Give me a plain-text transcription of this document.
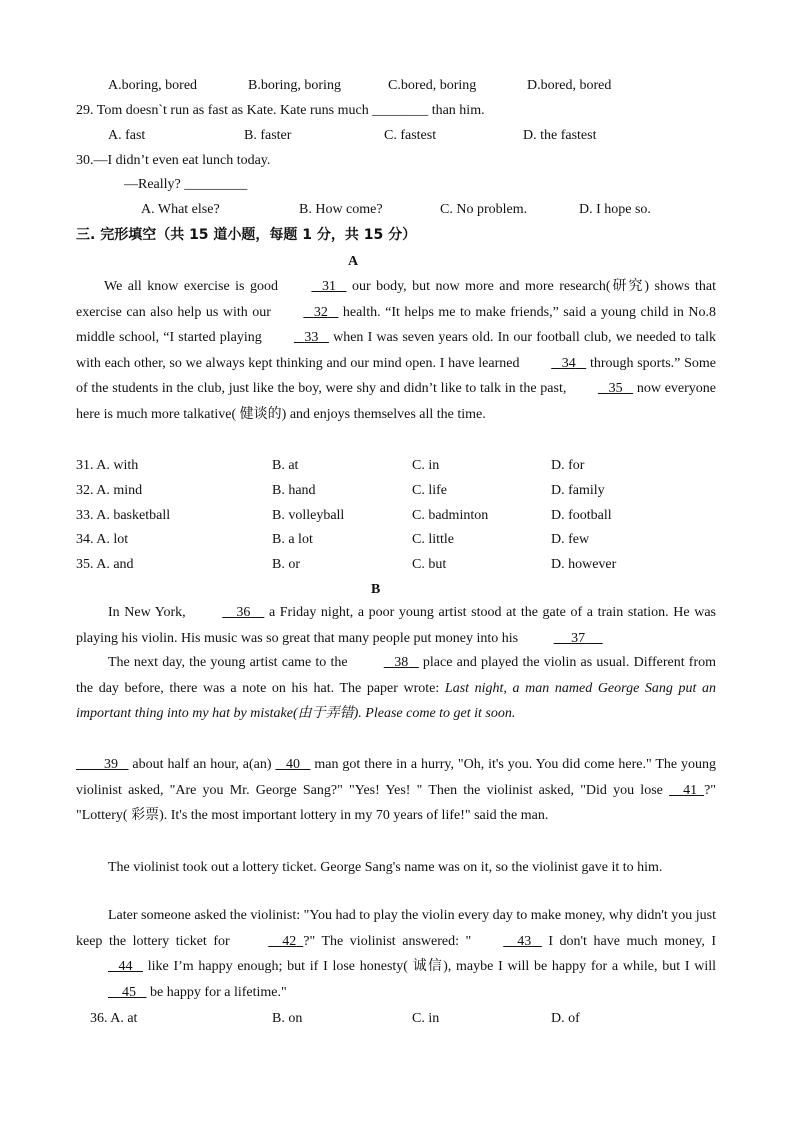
A.boring, bored	B.boring, boring	C.bored, boring	D.bored, bored
29. Tom doesn`t run as fast as Kate. Kate runs much ________ than him.
A. fast	B. faster	C. fastest	D. the fastest
30.—I didn’t even eat lunch today.
—Really? _________
A. What else?	B. How come?	C. No problem.	D. I hope so.
三. 完形填空（共 15 道小题，每题 1 分，共 15 分）
A
We all know exercise is good	31 our body, but now more and more research(研究) shows that exercise can also help us with our	32 health. “It helps me to make friends,” said a young child in No.8 middle school, “I started playing	33 when I was seven years old. In our football club, we needed to talk with each other, so we always kept thinking and our mind open. I have learned	34 through sports.” Some of the students in the club, just like the boy, were shy and didn’t like to talk in the past,	35 now everyone here is much more talkative( 健谈的) and enjoys themselves all the time.
31. A. with	B. at	C. in	D. for
32. A. mind	B. hand	C. life	D. family
33. A. basketball	B. volleyball	C. badminton	D. football
34. A. lot	B. a lot	C. little	D. few
35. A. and	B. or	C. but	D. however
B
In New York,	36 a Friday night, a poor young artist stood at the gate of a train station. He was playing his violin. His music was so great that many people put money into his	37
The next day, the young artist came to the	38 place and played the violin as usual. Different from the day before, there was a note on his hat. The paper wrote: Last night, a man named George Sang put an important thing into my hat by mistake(由于弄错). Please come to get it soon.
39 about half an hour, a(an) 40 man got there in a hurry, "Oh, it's you. You did come here." The young violinist asked, "Are you Mr. George Sang?" "Yes! Yes! " Then the violinist asked, "Did you lose 41 ?" "Lottery( 彩票). It's the most important lottery in my 70 years of life!" said the man.
The violinist took out a lottery ticket. George Sang's name was on it, so the violinist gave it to him.
Later someone asked the violinist: "You had to play the violin every day to make money, why didn't you just keep the lottery ticket for	42 ?" The violinist answered: "	43 I don't have much money, I    44 like I’m happy enough; but if I lose honesty( 诚信), maybe I will be happy for a while, but I will     45 be happy for a lifetime."
36. A. at	B. on	C. in	D. of
